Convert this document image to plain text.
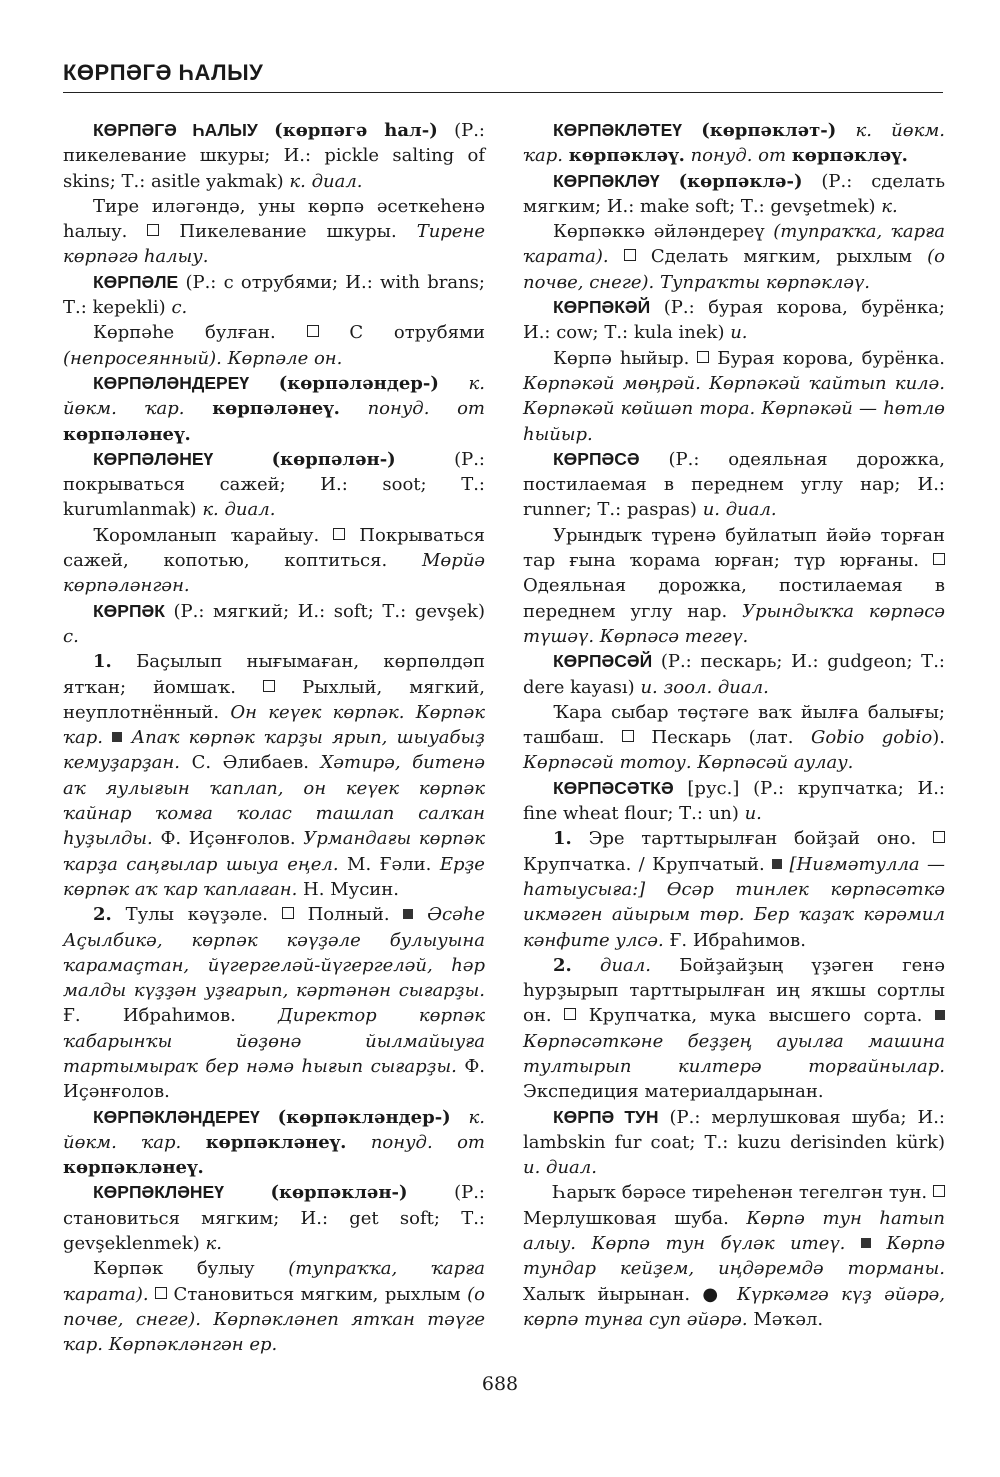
КӨРПӘГӘ ҺАЛЫУ

КӨРПӘГӘ ҺАЛЫУ (көрпәгә һал-) (Р.: пикелевание шкуры; И.: pickle salting of skins; Т.: asitle yakmak) к. диал.

Тире иләгәндә, уны көрпә әсеткеһенә һалыу.	Пикелевание шкуры. Тирене көрпәгә һалыу.

КӨРПӘЛЕ (Р.: с отрубями; И.: with brans; Т.: kepekli) с.

Көрпәһе булған.	С отрубями (непросеянный). Көрпәле он.

КӨРПӘЛӘНДЕРЕҮ (көрпәләндер-) к. йөкм. ҡар. көрпәләнеү. понуд. от көрпәләнеү.

КӨРПӘЛӘНЕҮ	(көрпәлән-)	(Р.: покрываться сажей; И.: soot; Т.: kurumlanmak) к. диал.

Ҡоромланып ҡарайыу. Покрываться сажей, копотью, коптиться. Мөрйә көрпәләнгән.

КӨРПӘК (Р.: мягкий; И.: soft; Т.: gevşek) с.

1. Баҫылып нығымаған, көрпөлдәп ятҡан; йомшаҡ.	Рыхлый, мягкий, неуплотнённый. Он кеүек көрпәк. Көрпәк ҡар. Апаҡ көрпәк ҡарҙы ярып, шыуабыҙ кемуҙарҙан. С. Әлибаев. Хәтирә, битенә аҡ яулығын ҡаплап, он кеүек көрпәк ҡайнар ҡомға ҡолас ташлап салҡан һуҙылды. Ф. Иҫәнғолов. Урмандағы көрпәк ҡарҙа саңғылар шыуа еңел. М. Ғәли. Ерҙе көрпәк аҡ ҡар ҡаплаған. Н. Мусин.

2. Тулы кәүҙәле. Полный. Әсәһе Аҫылбикә, көрпәк кәүҙәле булыуына ҡарамаҫтан, йүгергеләй-йүгергеләй, һәр малды күҙҙән уҙғарып, кәртәнән сығарҙы. Ғ. Ибраһимов. Директор көрпәк ҡабарынҡы йөҙөнә йылмайыуға тартымыраҡ бер нәмә һығып сығарҙы. Ф. Иҫәнғолов.

КӨРПӘКЛӘНДЕРЕҮ (көрпәкләндер-) к. йөкм. ҡар. көрпәкләнеү. понуд. от көрпәкләнеү.

КӨРПӘКЛӘНЕҮ	(көрпәклән-)	(Р.: становиться мягким; И.: get soft; Т.: gevşeklenmek) к.

Көрпәк булыу (тупраҡҡа, ҡарға ҡарата). Становиться мягким, рыхлым (о почве, снеге). Көрпәкләнеп ятҡан тәүге ҡар. Көрпәкләнгән ер.

КӨРПӘКЛӘТЕҮ (көрпәкләт-) к. йөкм. ҡар. көрпәкләү. понуд. от көрпәкләү.

КӨРПӘКЛӘҮ (көрпәклә-) (Р.: сделать мягким; И.: make soft; Т.: gevşetmek) к.

Көрпәккә әйләндереү (тупраҡҡа, ҡарға ҡарата). Сделать мягким, рыхлым (о почве, снеге). Тупраҡты көрпәкләү.

КӨРПӘКӘЙ (Р.: бурая корова, бурёнка; И.: cow; Т.: kula inek) и.

Көрпә һыйыр. Бурая корова, бурёнка. Көрпәкәй мөңрәй. Көрпәкәй ҡайтып килә. Көрпәкәй көйшәп тора. Көрпәкәй — һөтлө һыйыр.

КӨРПӘСӘ (Р.: одеяльная дорожка, постилаемая в переднем углу нар; И.: runner; Т.: paspas) и. диал.

Урындыҡ түренә буйлатып йәйә торған тар ғына ҡорама юрған; түр юрғаны.  Одеяльная дорожка, постилаемая в переднем углу нар. Урындыҡҡа көрпәсә түшәү. Көрпәсә тегеү.

КӨРПӘСӘЙ (Р.: пескарь; И.: gudgeon; Т.: dere kayası) и. зоол. диал.

Ҡара сыбар төҫтәге ваҡ йылға балығы; ташбаш.	Пескарь (лат. Gobio gobio). Көрпәсәй тотоу. Көрпәсәй аулау.

КӨРПӘСӘТКӘ [рус.] (Р.: крупчатка; И.: fine wheat flour; Т.: un) и.

1. Эре тарттырылған бойҙай оно.  Крупчатка. / Крупчатый. [Ниғмәтулла — һатыусыға:] Өсәр тинлек көрпәсәткә икмәген айырым төр. Бер ҡаҙаҡ кәрәмил кәнфите улсә. Ғ. Ибраһимов.

2. диал. Бойҙайҙың үҙәген генә һурҙырып тарттырылған иң яҡшы сортлы он. Крупчатка, мука высшего сорта.  Көрпәсәткәне беҙҙең ауылға машина тултырып килтерә торғайнылар. Экспедиция материалдарынан.

КӨРПӘ ТУН (Р.: мерлушковая шуба; И.: lambskin fur coat; Т.: kuzu derisinden kürk) и. диал.

Һарыҡ бәрәсе тиреһенән тегелгән тун.  Мерлушковая шуба. Көрпә тун һатып алыу. Көрпә тун бүләк итеү. Көрпә тундар кейҙем, иңдәремдә торманы. Халыҡ йырынан. ● Күркәмгә күҙ әйәрә, көрпә тунға суп әйәрә. Мәҡәл.

688
